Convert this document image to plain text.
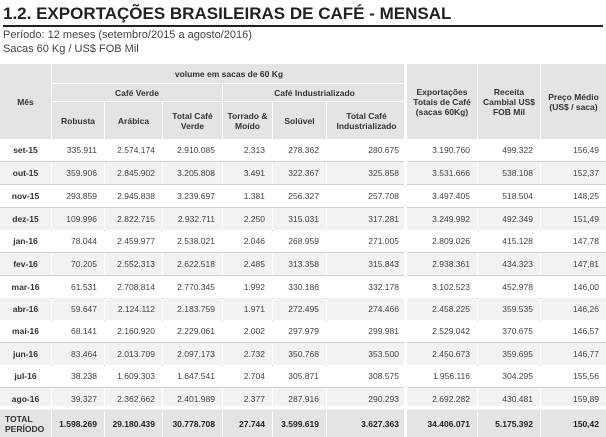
1.2. EXPORTAÇÕES BRASILEIRAS DE CAFÉ - MENSAL
Período: 12 meses (setembro/2015 a agosto/2016)
Sacas 60 Kg / US$ FOB Mil
Mês
volume em sacas de 60 Kg
Café Verde	Café Industrializado
Robusta	Arábica	Total Café Verde
Torrado & Moído	Solúvel	Total Café Industrializado
Exportações Totais de Café (sacas 60Kg)
Receita Cambial US$ FOB Mil
Preço Médio (US$ / saca)
set-15	335.911	2.574.174	2.910.085	2.313	278.362	280.675	3.190.760	499.322	156,49
out-15	359.906	2.845.902	3.205.808	3.491	322.367	325.858	3.531.666	538.108	152,37
nov-15	293.859	2.945.838	3.239.697	1.381	256.327	257.708	3.497.405	518.504	148,25
dez-15	109.996	2.822.715	2.932.711	2.250	315.031	317.281	3.249.992	492.349	151,49
jan-16	78.044	2.459.977	2.538.021	2.046	268.959	271.005	2.809.026	415.128	147,78
fev-16	70.205	2.552.313	2.622.518	2.485	313.358	315.843	2.938.361	434.323	147,81
mar-16	61.531	2.708.814	2.770.345	1.992	330.186	332.178	3.102.523	452.978	146,00
abr-16	59.647	2.124.112	2.183.759	1.971	272.495	274.466	2.458.225	359.535	146,26
mai-16	68.141	2.160.920	2.229.061	2.002	297.979	299.981	2.529.042	370.675	146,57
jun-16	83.464	2.013.709	2.097.173	2.732	350.768	353.500	2.450.673	359.695	146,77
jul-16	38.238	1.609.303	1.647.541	2.704	305.871	308.575	1.956.116	304.295	155,56
ago-16	39.327	2.362.662	2.401.989	2.377	287.916	290.293	2.692.282	430.481	159,89
TOTAL PERÍODO	1.598.269	29.180.439	30.778.708	27.744	3.599.619	3.627.363	34.406.071	5.175.392	150,42
